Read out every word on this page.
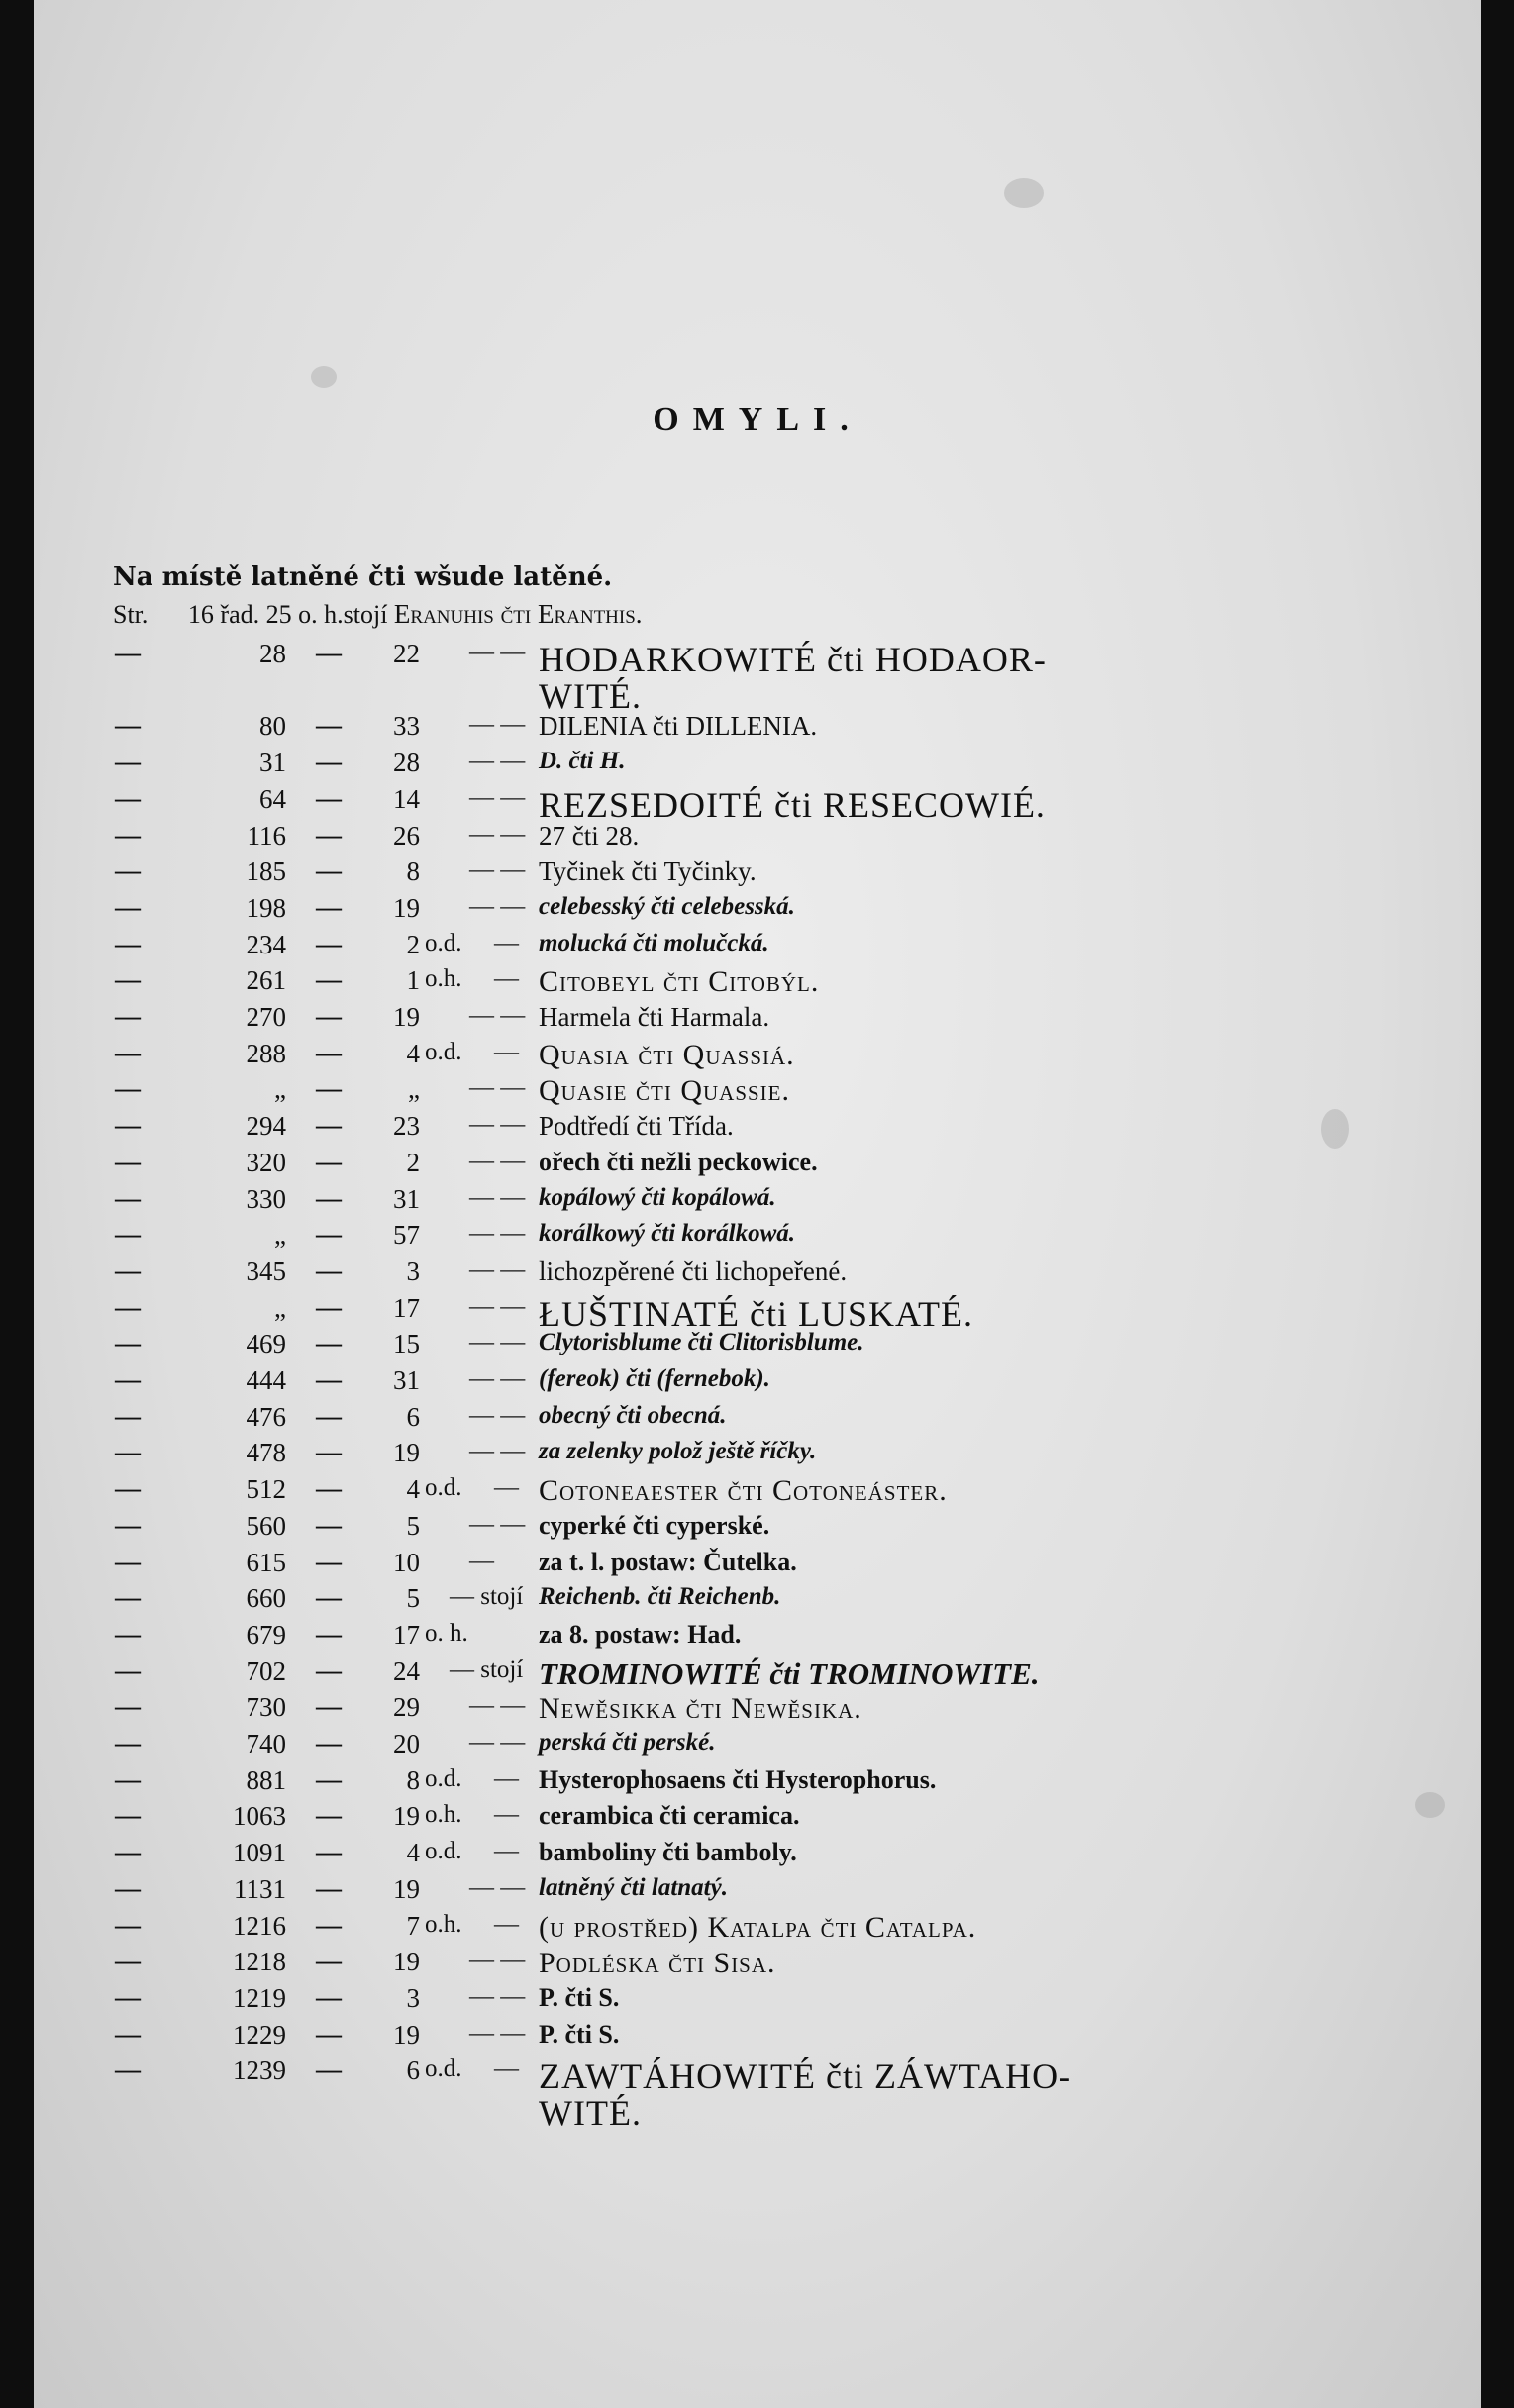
OMYLI.
Na místě latněné čti wšude latěné.
Str. 16 řad. 25 o. h.stojí Eranuhis čti Eranthis.
—	28 —	22 — — HODARKOWITÉ čti HODAOR-
WITÉ.
—	80 —	33 — — DILENIA čti DILLENIA.
—	31 —	28 — — D. čti H.
—	64 —	14 — — REZSEDOITÉ čti RESECOWIÉ.
—	116 —	26 — — 27 čti 28.
—	185 —	8 — — Tyčinek čti Tyčinky.
—	198 —	19 — — celebesský čti celebesská.
—	234 —	2 o.d. — molucká čti molučcká.
—	261 —	1 o.h. — Citobeyl čti Citobýl.
—	270 —	19 — — Harmela čti Harmala.
—	288 —	4 o.d. — Quasia čti Quassiá.
—	„ —	„ — — Quasie čti Quassie.
—	294 —	23 — — Podtředí čti Třída.
—	320 —	2 — — ořech čti nežli peckowice.
—	330 —	31 — — kopálowý čti kopálowá.
—	„ —	57 — — korálkowý čti korálkowá.
—	345 —	3 — — lichozpěrené čti lichopeřené.
—	„ —	17 — — ŁUŠTINATÉ čti LUSKATÉ.
—	469 —	15 — — Clytorisblume čti Clitorisblume.
—	444 —	31 — — (fereok) čti (fernebok).
—	476 —	6 — — obecný čti obecná.
—	478 —	19 — — za zelenky polož ještě říčky.
—	512 —	4 o.d. — Cotoneaester čti Cotoneáster.
—	560 —	5 — — cyperké čti cyperské.
—	615 —	10 — za t. l. postaw: Čutelka.
—	660 —	5 — stojí Reichenb. čti Reichenb.
—	679 —	17 o. h.	za 8. postaw: Had.
—	702 —	24 — stojí TROMINOWITÉ čti TROMINOWITE.
—	730 —	29 — — Newěsikka čti Newěsika.
—	740 —	20 — — perská čti perské.
—	881 —	8 o.d. — Hysterophosaens čti Hysterophorus.
—	1063 —	19 o.h. — cerambica čti ceramica.
—	1091 —	4 o.d. — bamboliny čti bamboly.
—	1131 —	19 — — latněný čti latnatý.
—	1216 —	7 o.h. — (u prostřed) Katalpa čti Catalpa.
—	1218 —	19 — — Podléska čti Sisa.
—	1219 —	3 — — P. čti S.
—	1229 —	19 — — P. čti S.
—	1239 —	6 o.d. — ZAWTÁHOWITÉ čti ZÁWTAHO-
WITÉ.
